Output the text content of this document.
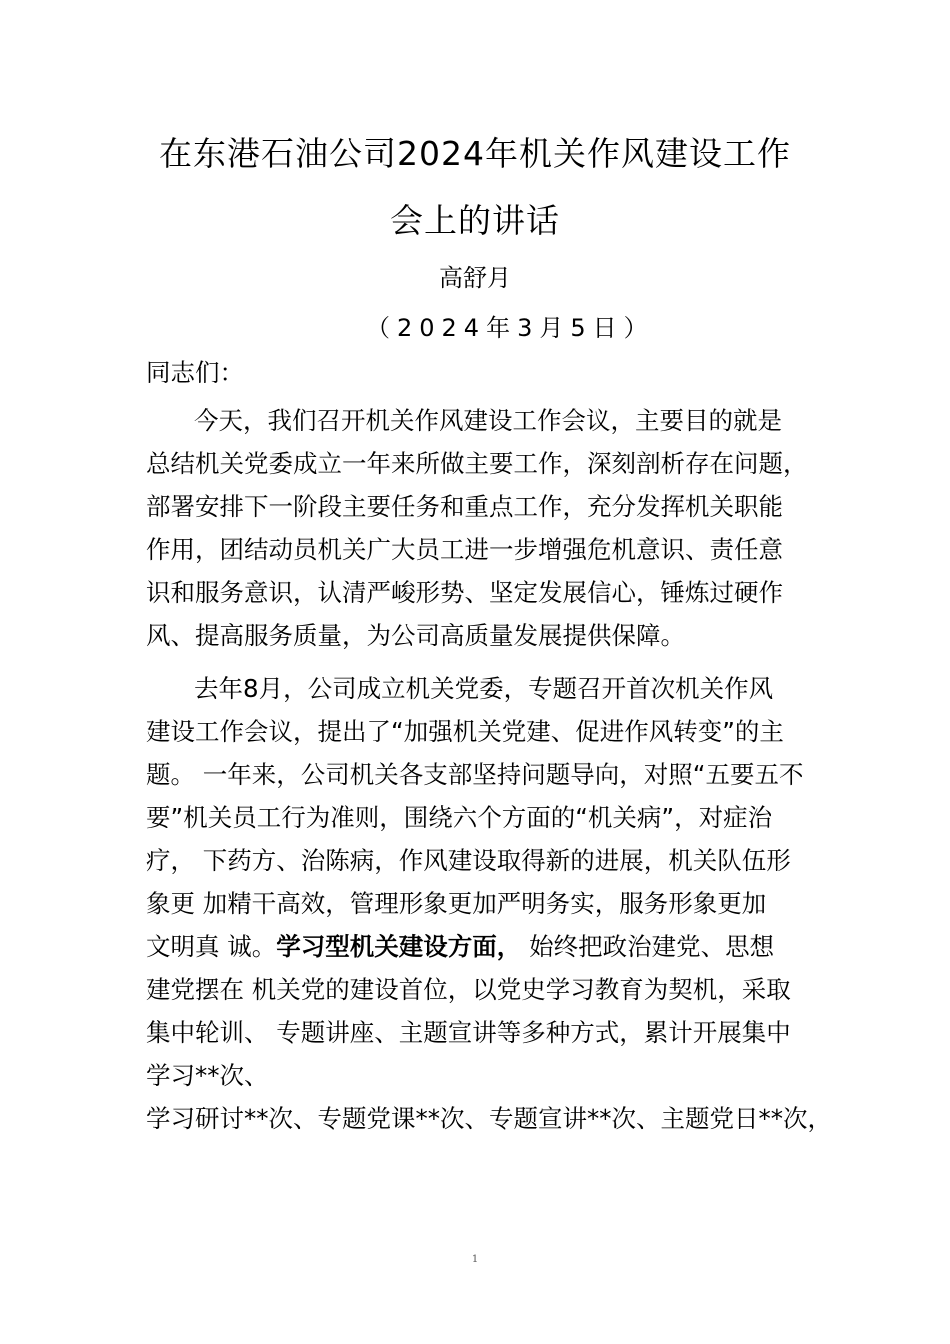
在东港石油公司2024年机关作风建设工作
会上的讲话
高舒月
（2024年3月5日）
同志们：
今天，我们召开机关作风建设工作会议，主要目的就是
总结机关党委成立一年来所做主要工作，深刻剖析存在问题，
部署安排下一阶段主要任务和重点工作，充分发挥机关职能
作用，团结动员机关广大员工进一步增强危机意识、责任意
识和服务意识，认清严峻形势、坚定发展信心，锤炼过硬作
风、提高服务质量，为公司高质量发展提供保障。
去年8月，公司成立机关党委，专题召开首次机关作风
建设工作会议，提出了“加强机关党建、促进作风转变”的主
题。 一年来，公司机关各支部坚持问题导向，对照“五要五不
要”机关员工行为准则，围绕六个方面的“机关病”，对症治
疗， 下药方、治陈病，作风建设取得新的进展，机关队伍形
象更 加精干高效，管理形象更加严明务实，服务形象更加
文明真 诚。学习型机关建设方面， 始终把政治建党、思想
建党摆在 机关党的建设首位，以党史学习教育为契机，采取
集中轮训、 专题讲座、主题宣讲等多种方式，累计开展集中
学习**次、
学习研讨**次、专题党课**次、专题宣讲**次、主题党日**次，
1
